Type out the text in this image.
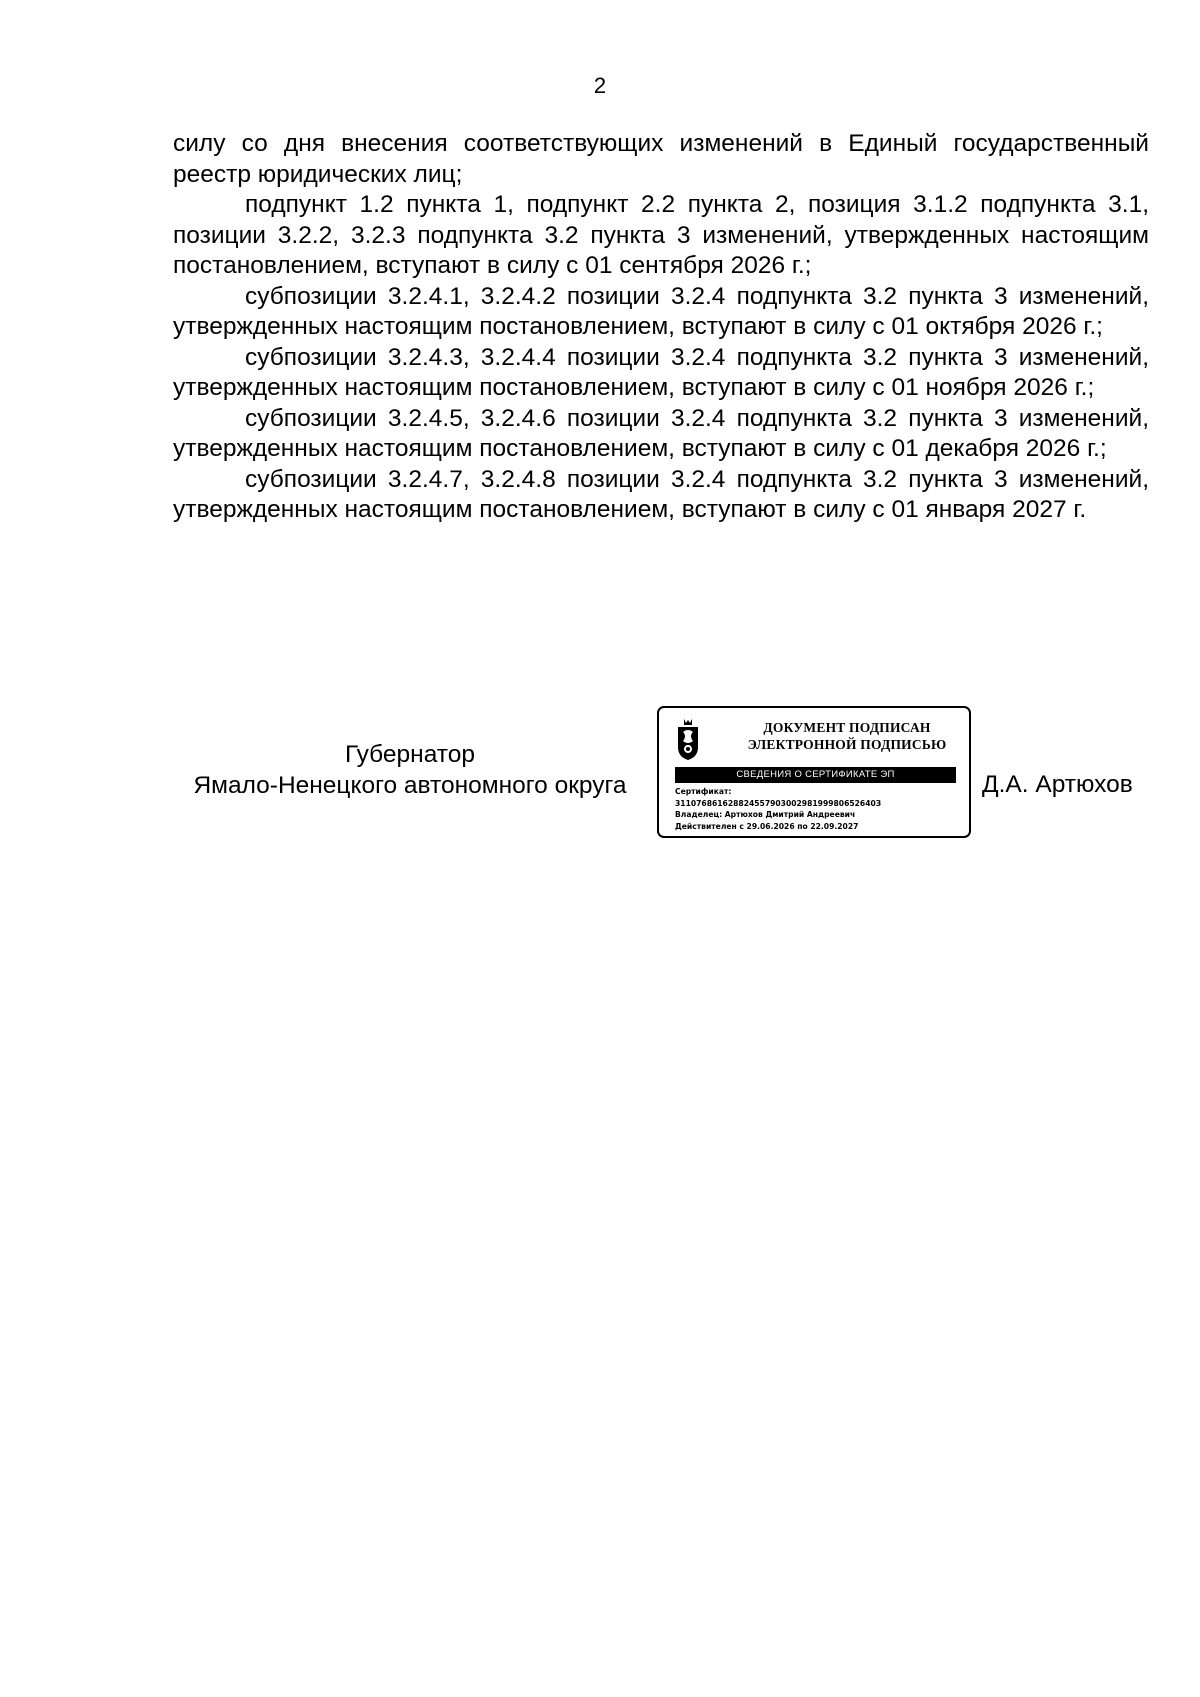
2

силу со дня внесения соответствующих изменений в Единый государственный реестр юридических лиц;

подпункт 1.2 пункта 1, подпункт 2.2 пункта 2, позиция 3.1.2 подпункта 3.1, позиции 3.2.2, 3.2.3 подпункта 3.2 пункта 3 изменений, утвержденных настоящим постановлением, вступают в силу с 01 сентября 2026 г.;

субпозиции 3.2.4.1, 3.2.4.2 позиции 3.2.4 подпункта 3.2 пункта 3 изменений, утвержденных настоящим постановлением, вступают в силу с 01 октября 2026 г.;

субпозиции 3.2.4.3, 3.2.4.4 позиции 3.2.4 подпункта 3.2 пункта 3 изменений, утвержденных настоящим постановлением, вступают в силу с 01 ноября 2026 г.;

субпозиции 3.2.4.5, 3.2.4.6 позиции 3.2.4 подпункта 3.2 пункта 3 изменений, утвержденных настоящим постановлением, вступают в силу с 01 декабря 2026 г.;

субпозиции 3.2.4.7, 3.2.4.8 позиции 3.2.4 подпункта 3.2 пункта 3 изменений, утвержденных настоящим постановлением, вступают в силу с 01 января 2027 г.

Губернатор
Ямало-Ненецкого автономного округа
ДОКУМЕНТ ПОДПИСАН
ЭЛЕКТРОННОЙ ПОДПИСЬЮ
СВЕДЕНИЯ О СЕРТИФИКАТЕ ЭП
Сертификат:
31107686162882455790300298199980652640З
Владелец: Артюхов Дмитрий Андреевич
Действителен с 29.06.2026 по 22.09.2027
Д.А. Артюхов
